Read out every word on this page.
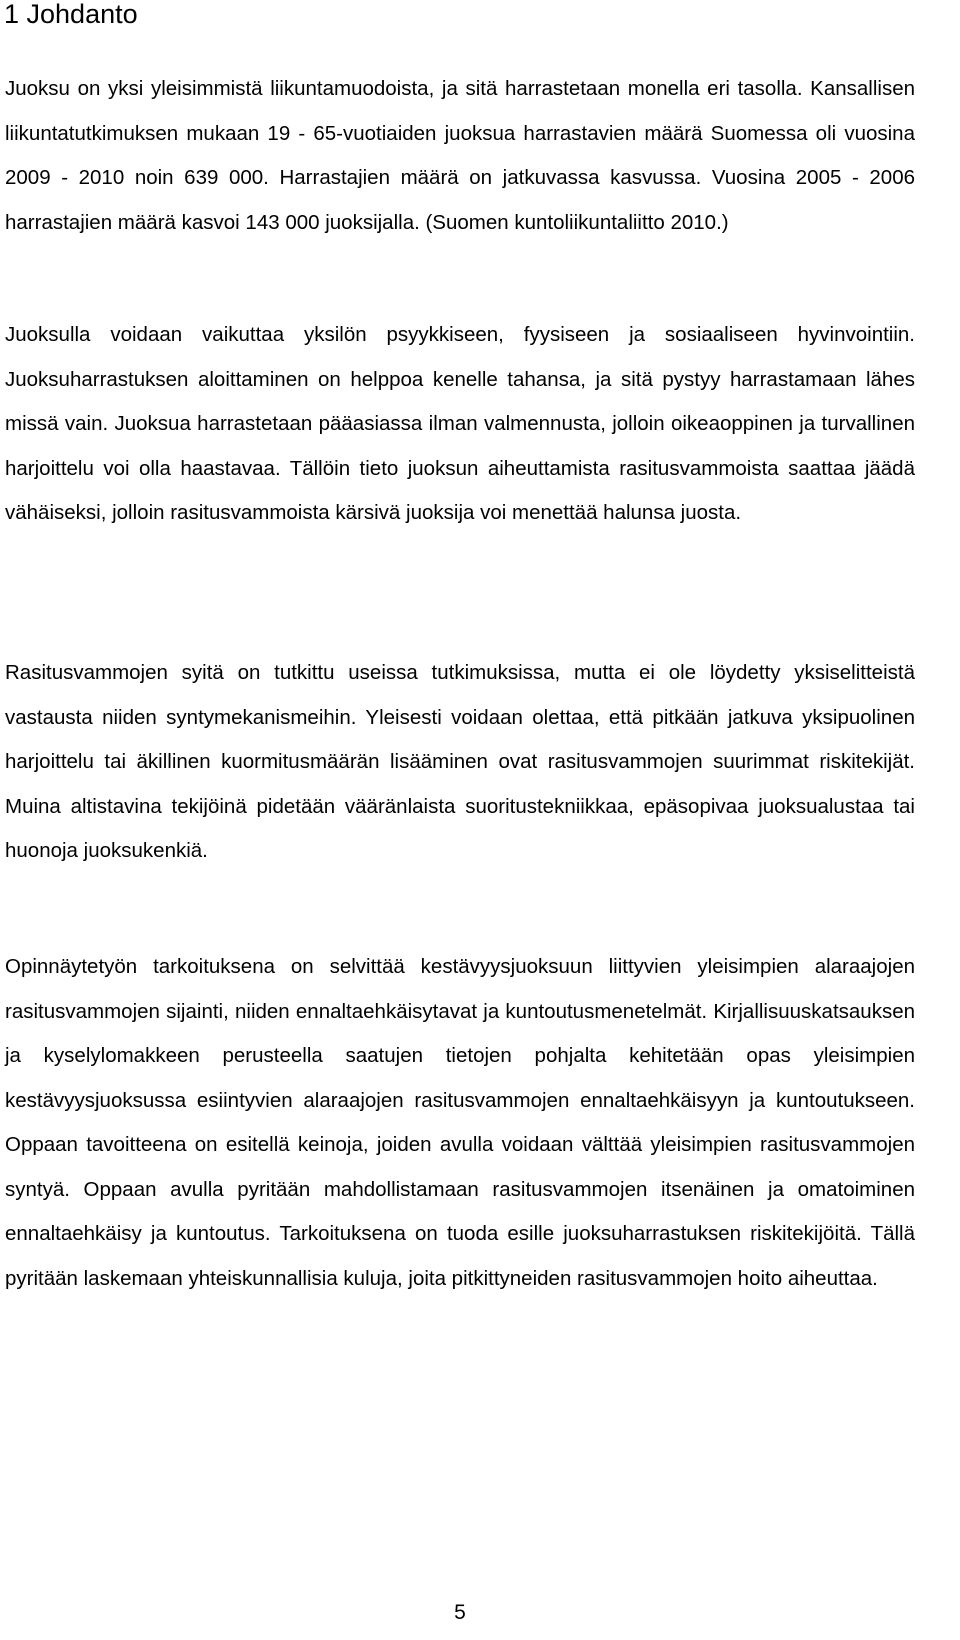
1 Johdanto

Juoksu on yksi yleisimmistä liikuntamuodoista, ja sitä harrastetaan monella eri tasolla. Kansallisen liikuntatutkimuksen mukaan 19 - 65-vuotiaiden juoksua harrastavien määrä Suomessa oli vuosina 2009 - 2010 noin 639 000. Harrastajien määrä on jatkuvassa kasvussa. Vuosina 2005 - 2006 harrastajien määrä kasvoi 143 000 juoksijalla. (Suomen kuntoliikuntaliitto 2010.)

Juoksulla voidaan vaikuttaa yksilön psyykkiseen, fyysiseen ja sosiaaliseen hyvinvointiin. Juoksuharrastuksen aloittaminen on helppoa kenelle tahansa, ja sitä pystyy harrastamaan lähes missä vain. Juoksua harrastetaan pääasiassa ilman valmennusta, jolloin oikeaoppinen ja turvallinen harjoittelu voi olla haastavaa. Tällöin tieto juoksun aiheuttamista rasitusvammoista saattaa jäädä vähäiseksi, jolloin rasitusvammoista kärsivä juoksija voi menettää halunsa juosta.

Rasitusvammojen syitä on tutkittu useissa tutkimuksissa, mutta ei ole löydetty yksiselitteistä vastausta niiden syntymekanismeihin. Yleisesti voidaan olettaa, että pitkään jatkuva yksipuolinen harjoittelu tai äkillinen kuormitusmäärän lisääminen ovat rasitusvammojen suurimmat riskitekijät. Muina altistavina tekijöinä pidetään vääränlaista suoritustekniikkaa, epäsopivaa juoksualustaa tai huonoja juoksukenkiä.

Opinnäytetyön tarkoituksena on selvittää kestävyysjuoksuun liittyvien yleisimpien alaraajojen rasitusvammojen sijainti, niiden ennaltaehkäisytavat ja kuntoutusmenetelmät. Kirjallisuuskatsauksen ja kyselylomakkeen perusteella saatujen tietojen pohjalta kehitetään opas yleisimpien kestävyysjuoksussa esiintyvien alaraajojen rasitusvammojen ennaltaehkäisyyn ja kuntoutukseen. Oppaan tavoitteena on esitellä keinoja, joiden avulla voidaan välttää yleisimpien rasitusvammojen syntyä. Oppaan avulla pyritään mahdollistamaan rasitusvammojen itsenäinen ja omatoiminen ennaltaehkäisy ja kuntoutus. Tarkoituksena on tuoda esille juoksuharrastuksen riskitekijöitä. Tällä pyritään laskemaan yhteiskunnallisia kuluja, joita pitkittyneiden rasitusvammojen hoito aiheuttaa.

5
